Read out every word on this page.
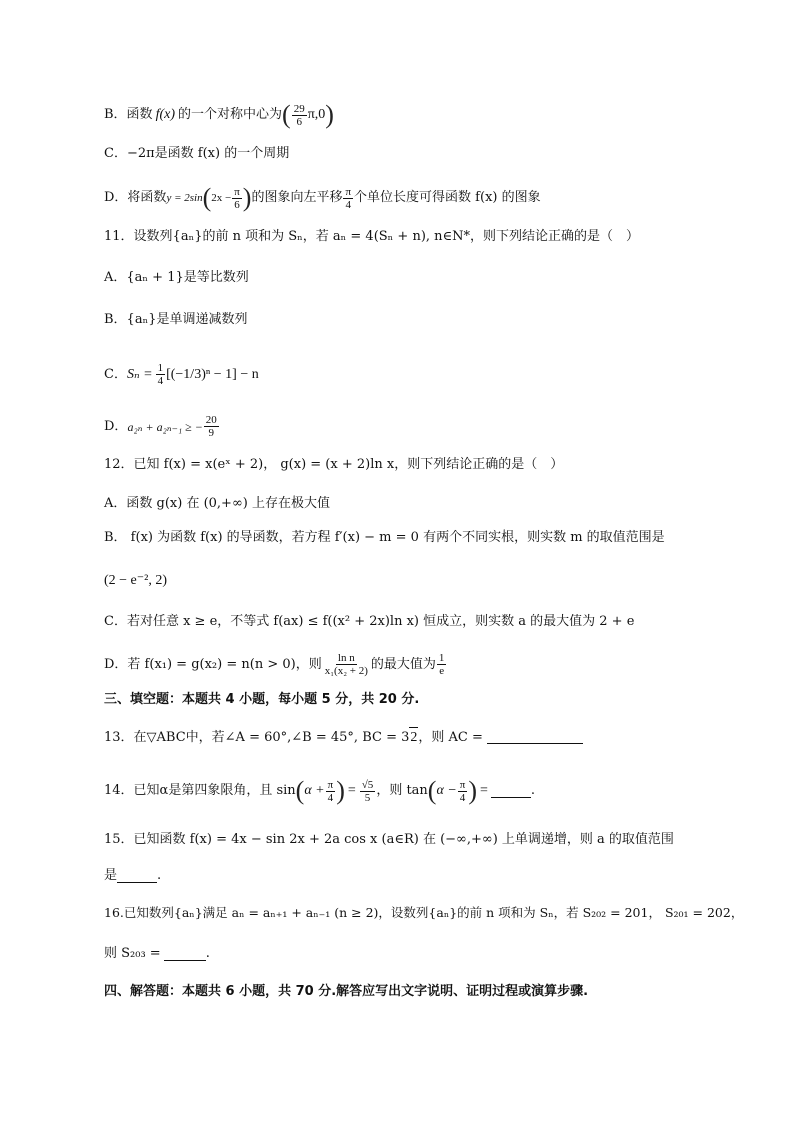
B．函数 f(x) 的一个对称中心为 ( $\frac{29}{6} \pi,0$ )
C．−2π是函数 f(x) 的一个周期
D．将函数 y = 2sin ( $2x - \frac{\pi}{6}$ ) 的图象向左平移 $\frac{\pi}{4}$ 个单位长度可得函数 f(x) 的图象
11．设数列{aₙ}的前 n 项和为 Sₙ，若 aₙ = 4(Sₙ + n), n∈N*，则下列结论正确的是（　）
A．{aₙ + 1}是等比数列
B．{aₙ}是单调递减数列
C． $S_n = \frac{1}{4} [(-1/3)^n - 1] - n$
D． a₂ₙ + a₂ₙ₋₁ ≥ − $\frac{20}{9}$
12．已知 f(x) = x(eˣ + 2)， g(x) = (x + 2)ln x，则下列结论正确的是（　）
A．函数 g(x) 在 (0,+∞) 上存在极大值
B． f(x) 为函数 f(x) 的导函数，若方程 f′(x) − m = 0 有两个不同实根，则实数 m 的取值范围是
(2 − e⁻², 2)
C．若对任意 x ≥ e，不等式 f(ax) ≤ f((x² + 2x)ln x) 恒成立，则实数 a 的最大值为 2 + e
D．若 f(x₁) = g(x₂) = n(n > 0)，则 $\frac{\text{ln n}}{\text{x₁(x₂ + 2)}}$ 的最大值为 $\frac{1}{e}$
三、填空题：本题共 4 小题，每小题 5 分，共 20 分.
13．在▽ABC中，若∠A = 60°,∠B = 45°, BC = 3 2 ，则 AC =
14．已知α是第四象限角，且 sin ( $\alpha + \frac{\pi}{4}$ ) = $\frac{√5}{5}$ ，则 tan ( $\alpha - \frac{\pi}{4}$ ) =	.
15．已知函数 f(x) = 4x − sin 2x + 2a cos x (a∈R) 在 (−∞,+∞) 上单调递增，则 a 的取值范围
是	.
16.已知数列{aₙ}满足 aₙ = aₙ₊₁ + aₙ₋₁ (n ≥ 2)，设数列{aₙ}的前 n 项和为 Sₙ，若 S₂₀₂ = 201， S₂₀₁ = 202，
则 S₂₀₃ =	.
四、解答题：本题共 6 小题，共 70 分.解答应写出文字说明、证明过程或演算步骤.
